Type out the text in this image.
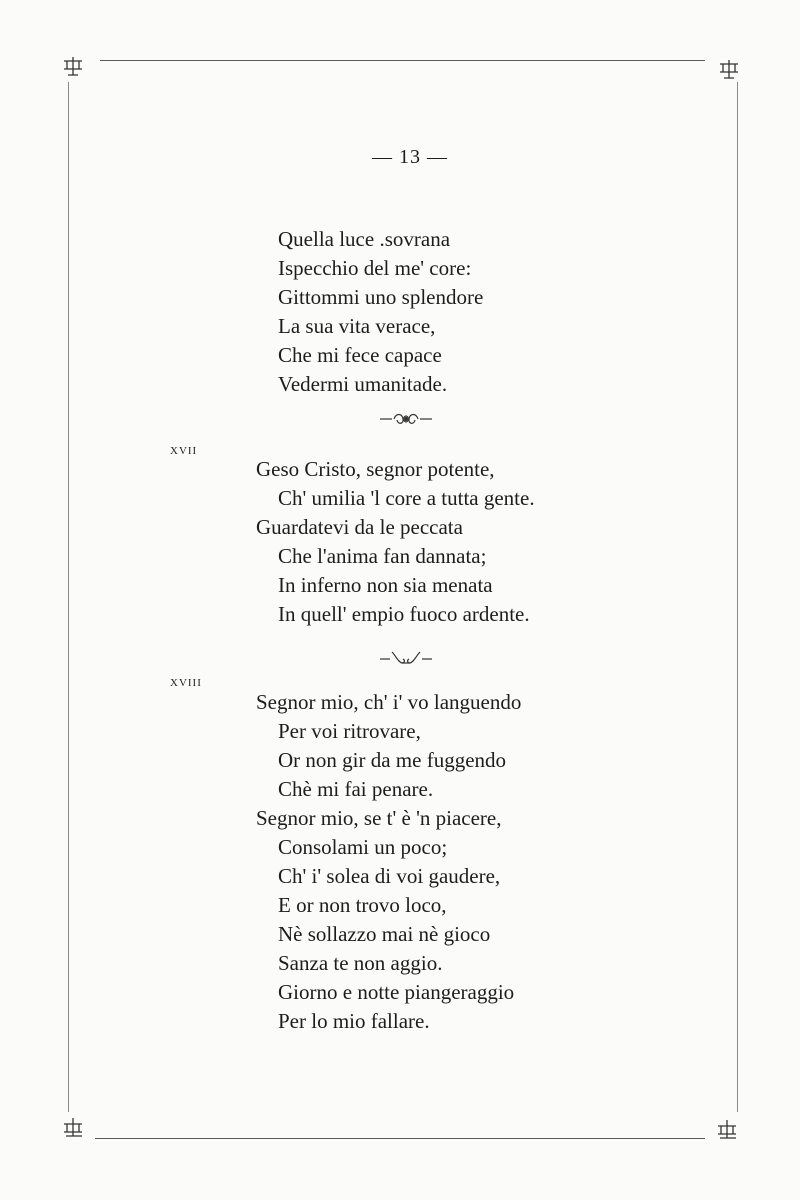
— 13 —
Quella luce .sovrana
Ispecchio del me' core:
Gittommi uno splendore
La sua vita verace,
Che mi fece capace
Vedermi umanitade.
XVII
Geso Cristo, segnor potente,
Ch' umilia 'l core a tutta gente.
Guardatevi da le peccata
Che l'anima fan dannata;
In inferno non sia menata
In quell' empio fuoco ardente.
XVIII
Segnor mio, ch' i' vo languendo
Per voi ritrovare,
Or non gir da me fuggendo
Chè mi fai penare.
Segnor mio, se t' è 'n piacere,
Consolami un poco;
Ch' i' solea di voi gaudere,
E or non trovo loco,
Nè sollazzo mai nè gioco
Sanza te non aggio.
Giorno e notte piangeraggio
Per lo mio fallare.
